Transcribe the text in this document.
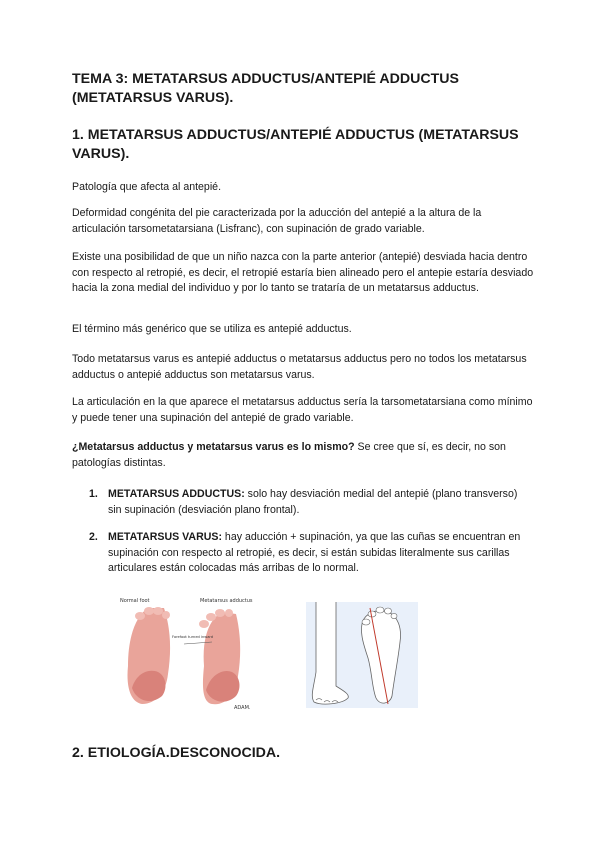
TEMA 3: METATARSUS ADDUCTUS/ANTEPIÉ ADDUCTUS (METATARSUS VARUS).
1. METATARSUS ADDUCTUS/ANTEPIÉ ADDUCTUS (METATARSUS VARUS).

Patología que afecta al antepié.

Deformidad congénita del pie caracterizada por la aducción del antepié a la altura de la articulación tarsometatarsiana (Lisfranc), con supinación de grado variable.

Existe una posibilidad de que un niño nazca con la parte anterior (antepié) desviada hacia dentro con respecto al retropié, es decir, el retropié estaría bien alineado pero el antepie estaría desviado hacia la zona medial del individuo y por lo tanto se trataría de un metatarsus adductus.

El término más genérico que se utiliza es antepié adductus.

Todo metatarsus varus es antepié adductus o metatarsus adductus pero no todos los metatarsus adductus o antepié adductus son metatarsus varus.

La articulación en la que aparece el metatarsus adductus sería la tarsometatarsiana como mínimo y puede tener una supinación del antepié de grado variable.

¿Metatarsus adductus y metatarsus varus es lo mismo? Se cree que sí, es decir, no son patologías distintas.

1. METATARSUS ADDUCTUS: solo hay desviación medial del antepié (plano transverso) sin supinación (desviación plano frontal).
2. METATARSUS VARUS: hay aducción + supinación, ya que las cuñas se encuentran en supinación con respecto al retropié, es decir, si están subidas literalmente sus carillas articulares están colocadas más arribas de lo normal.
Normal foot	Metatarsus adductus
Forefoot turned inward
ADAM.
2. ETIOLOGÍA.DESCONOCIDA.
